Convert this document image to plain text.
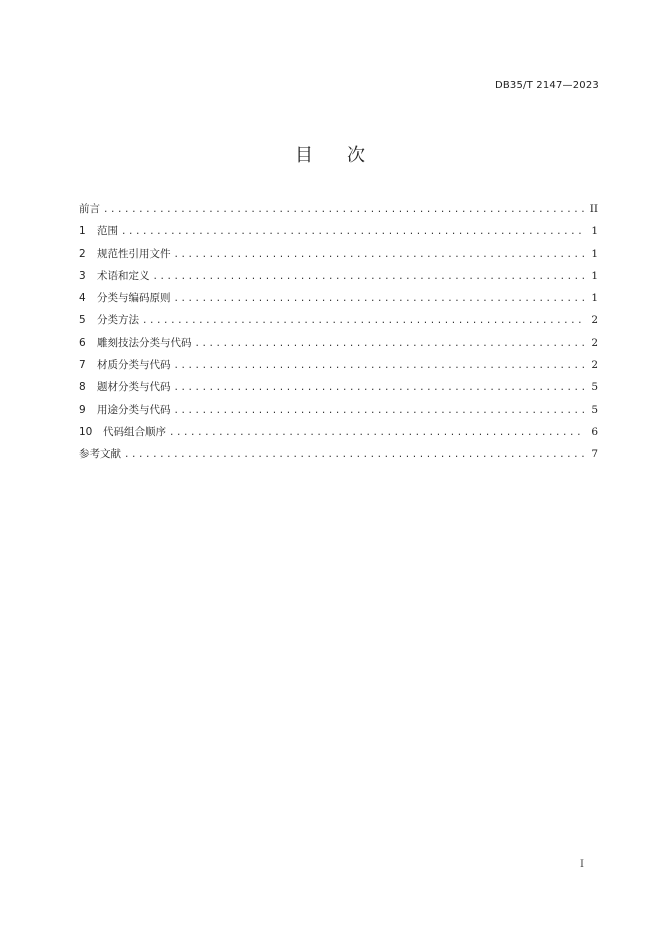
DB35/T 2147—2023
目 次
前言 .....	II
1	范围 .....	1
2	规范性引用文件 .....	1
3	术语和定义 .....	1
4	分类与编码原则 .....	1
5	分类方法 .....	2
6	雕刻技法分类与代码 .....	2
7	材质分类与代码 .....	2
8	题材分类与代码 .....	5
9	用途分类与代码 .....	5
10	代码组合顺序 .....	6
参考文献 .....	7
I
